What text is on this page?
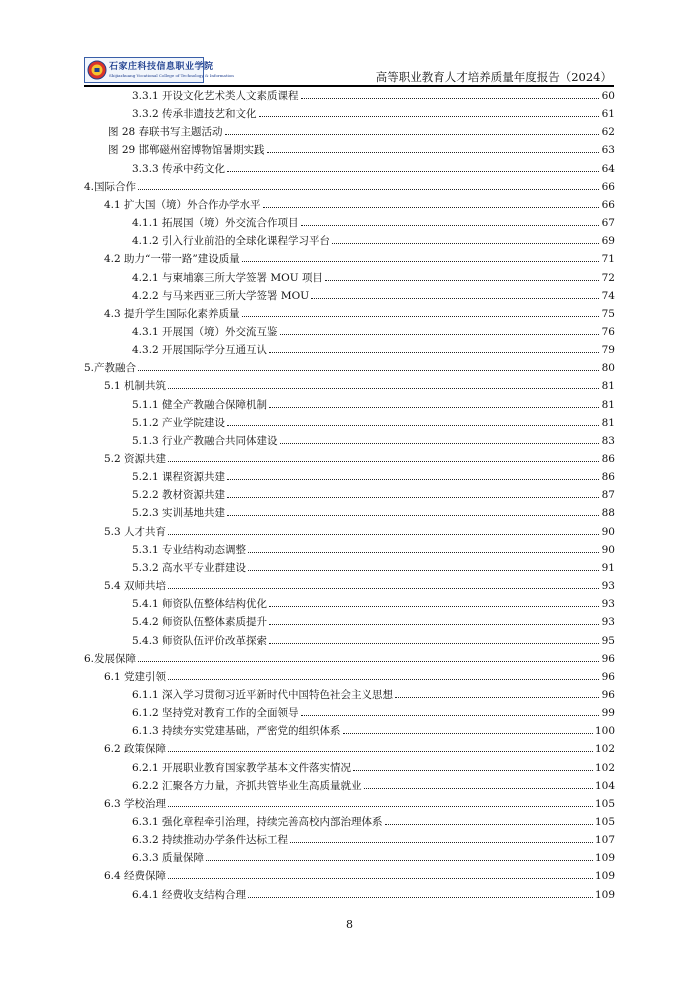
石家庄科技信息职业学院
Shijiazhuang Vocational College of Technology & Information	高等职业教育人才培养质量年度报告（2024）
3.3.1 开设文化艺术类人文素质课程	60
3.3.2 传承非遗技艺和文化	61
图 28 春联书写主题活动	62
图 29 邯郸磁州窑博物馆暑期实践	63
3.3.3 传承中药文化	64
4.国际合作	66
4.1 扩大国（境）外合作办学水平	66
4.1.1 拓展国（境）外交流合作项目	67
4.1.2 引入行业前沿的全球化课程学习平台	69
4.2 助力“一带一路”建设质量	71
4.2.1 与柬埔寨三所大学签署 MOU 项目	72
4.2.2 与马来西亚三所大学签署 MOU	74
4.3 提升学生国际化素养质量	75
4.3.1 开展国（境）外交流互鉴	76
4.3.2 开展国际学分互通互认	79
5.产教融合	80
5.1 机制共筑	81
5.1.1 健全产教融合保障机制	81
5.1.2 产业学院建设	81
5.1.3 行业产教融合共同体建设	83
5.2 资源共建	86
5.2.1 课程资源共建	86
5.2.2 教材资源共建	87
5.2.3 实训基地共建	88
5.3 人才共育	90
5.3.1 专业结构动态调整	90
5.3.2 高水平专业群建设	91
5.4 双师共培	93
5.4.1 师资队伍整体结构优化	93
5.4.2 师资队伍整体素质提升	93
5.4.3 师资队伍评价改革探索	95
6.发展保障	96
6.1 党建引领	96
6.1.1 深入学习贯彻习近平新时代中国特色社会主义思想	96
6.1.2 坚持党对教育工作的全面领导	99
6.1.3 持续夯实党建基础，严密党的组织体系	100
6.2 政策保障	102
6.2.1 开展职业教育国家教学基本文件落实情况	102
6.2.2 汇聚各方力量，齐抓共管毕业生高质量就业	104
6.3 学校治理	105
6.3.1 强化章程牵引治理，持续完善高校内部治理体系	105
6.3.2 持续推动办学条件达标工程	107
6.3.3 质量保障	109
6.4 经费保障	109
6.4.1 经费收支结构合理	109
8
